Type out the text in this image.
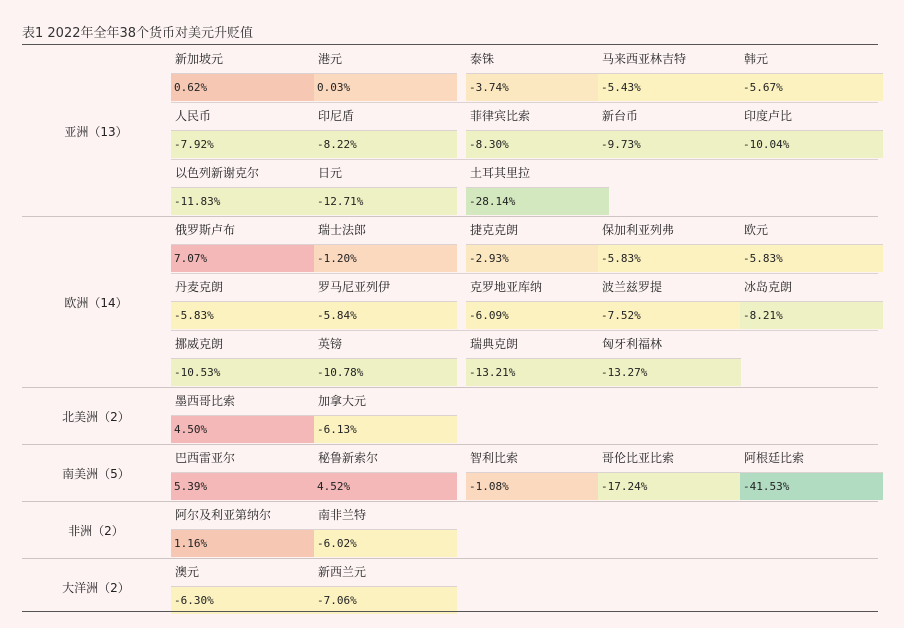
表1 2022年全年38个货币对美元升贬值
新加坡元
0.62%
港元
0.03%
泰铢
-3.74%
马来西亚林吉特
-5.43%
韩元
-5.67%
人民币
-7.92%
印尼盾
-8.22%
菲律宾比索
-8.30%
新台币
-9.73%
印度卢比
-10.04%
以色列新谢克尔
-11.83%
日元
-12.71%
土耳其里拉
-28.14%
亚洲（13）
俄罗斯卢布
7.07%
瑞士法郎
-1.20%
捷克克朗
-2.93%
保加利亚列弗
-5.83%
欧元
-5.83%
丹麦克朗
-5.83%
罗马尼亚列伊
-5.84%
克罗地亚库纳
-6.09%
波兰兹罗提
-7.52%
冰岛克朗
-8.21%
挪威克朗
-10.53%
英镑
-10.78%
瑞典克朗
-13.21%
匈牙利福林
-13.27%
欧洲（14）
墨西哥比索
4.50%
加拿大元
-6.13%
北美洲（2）
巴西雷亚尔
5.39%
秘鲁新索尔
4.52%
智利比索
-1.08%
哥伦比亚比索
-17.24%
阿根廷比索
-41.53%
南美洲（5）
阿尔及利亚第纳尔
1.16%
南非兰特
-6.02%
非洲（2）
澳元
-6.30%
新西兰元
-7.06%
大洋洲（2）
